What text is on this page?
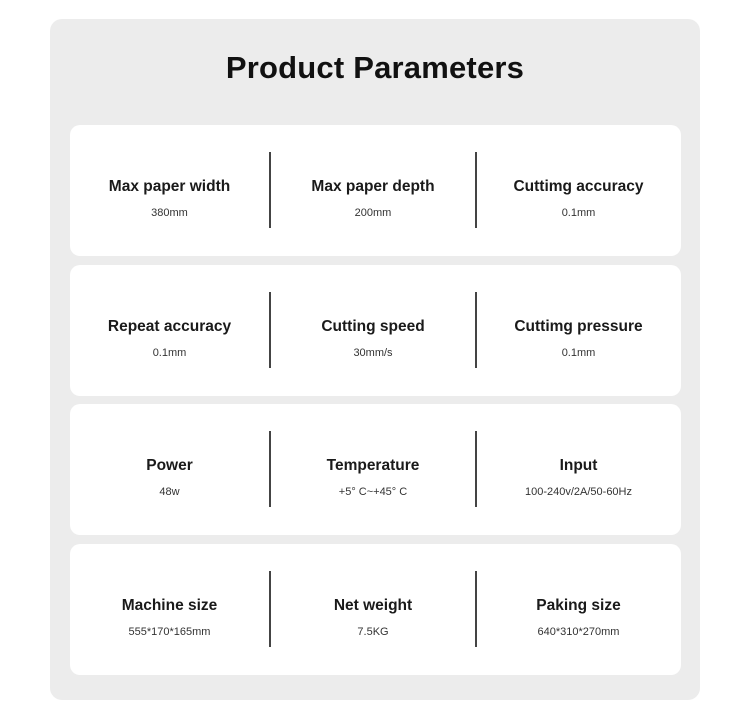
Product Parameters
Max paper width
380mm
Max paper depth
200mm
Cuttimg accuracy
0.1mm
Repeat accuracy
0.1mm
Cutting speed
30mm/s
Cuttimg pressure
0.1mm
Power
48w
Temperature
+5° C~+45° C
Input
100-240v/2A/50-60Hz
Machine size
555*170*165mm
Net weight
7.5KG
Paking size
640*310*270mm
